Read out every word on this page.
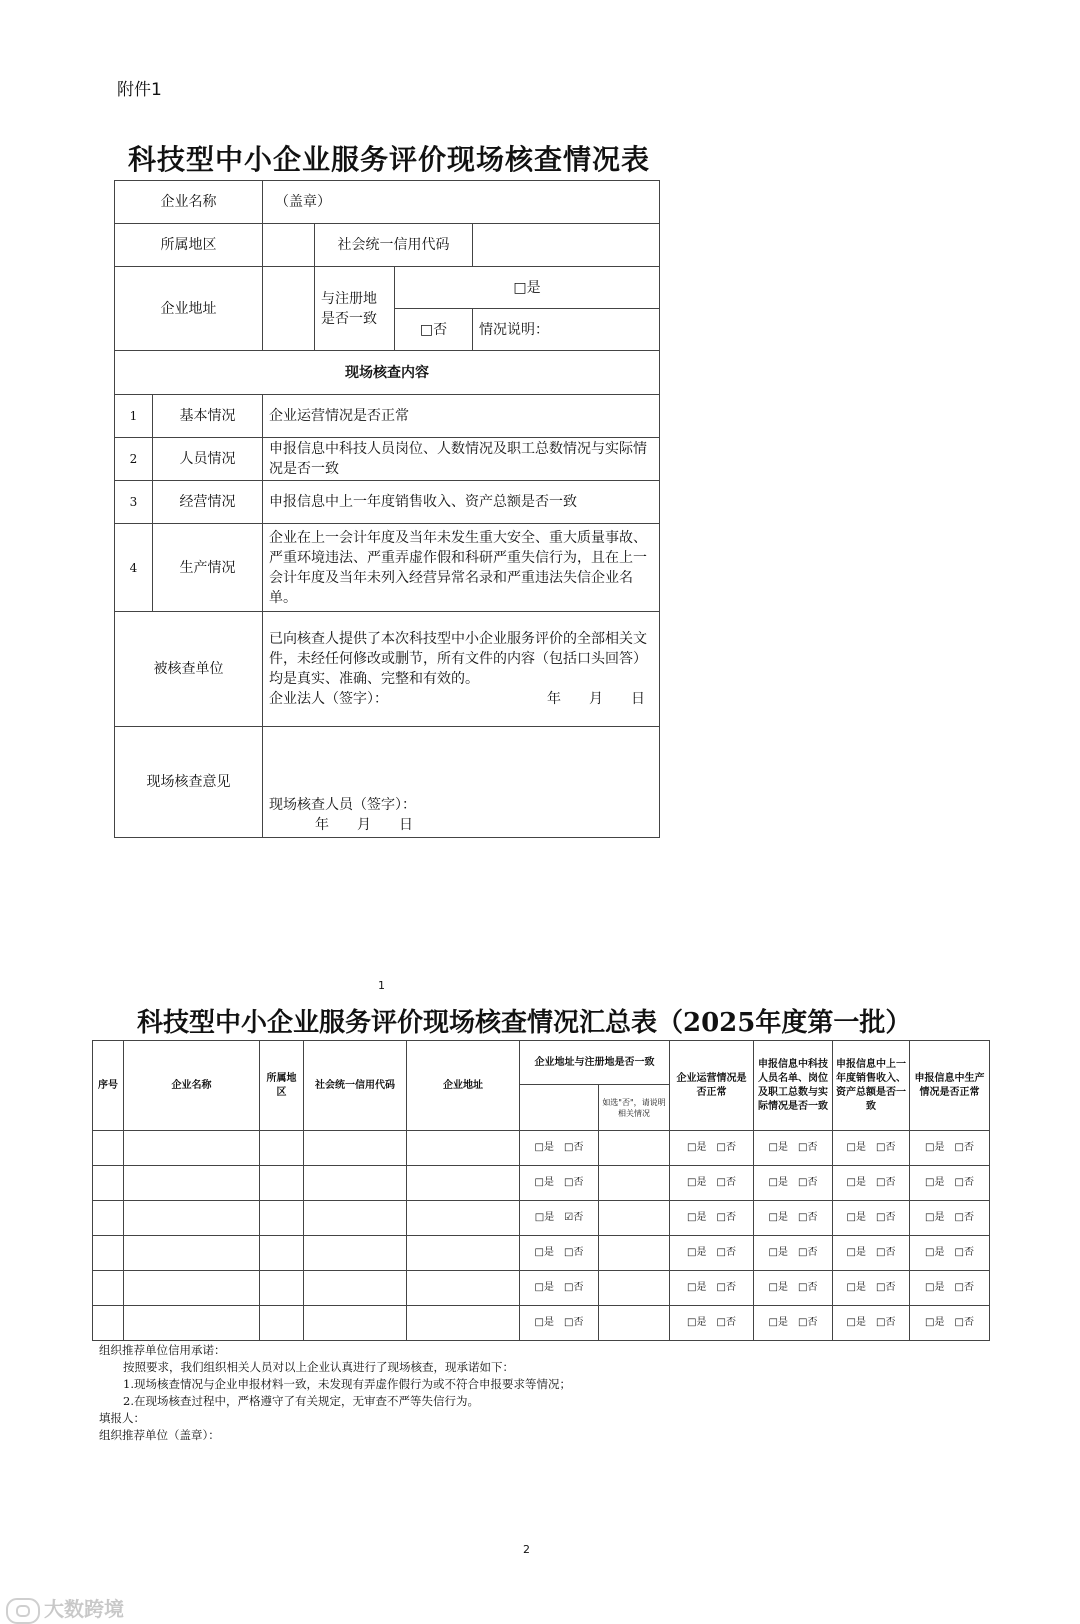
附件1
科技型中小企业服务评价现场核查情况表
企业名称		（盖章）			
所属地区			社会统一信用代码		
企业地址			与注册地是否一致	□是	
				□否	情况说明：
现场核查内容					
1	基本情况	企业运营情况是否正常			
2	人员情况	申报信息中科技人员岗位、人数情况及职工总数情况与实际情况是否一致			
3	经营情况	申报信息中上一年度销售收入、资产总额是否一致			
4	生产情况	企业在上一会计年度及当年未发生重大安全、重大质量事故、严重环境违法、严重弄虚作假和科研严重失信行为，且在上一会计年度及当年未列入经营异常名录和严重违法失信企业名单。			
被核查单位		已向核查人提供了本次科技型中小企业服务评价的全部相关文件，未经任何修改或删节，所有文件的内容（包括口头回答）均是真实、准确、完整和有效的。
企业法人（签字）： 年　　月　　日			

现场核查意见		现场核查人员（签字）：
年　　月　　日			
1
科技型中小企业服务评价现场核查情况汇总表（2025年度第一批）
序号	企业名称	所属地区	社会统一信用代码	企业地址	企业地址与注册地是否一致		企业运营情况是否正常	申报信息中科技人员名单、岗位及职工总数与实际情况是否一致	申报信息中上一年度销售收入、资产总额是否一致	申报信息中生产情况是否正常
						如选"否"，请说明相关情况				
					□是　□否		□是　□否	□是　□否	□是　□否	□是　□否
					□是　□否		□是　□否	□是　□否	□是　□否	□是　□否
					□是　☑否		□是　□否	□是　□否	□是　□否	□是　□否
					□是　□否		□是　□否	□是　□否	□是　□否	□是　□否
					□是　□否		□是　□否	□是　□否	□是　□否	□是　□否
					□是　□否		□是　□否	□是　□否	□是　□否	□是　□否
组织推荐单位信用承诺：
按照要求，我们组织相关人员对以上企业认真进行了现场核查，现承诺如下：
1.现场核查情况与企业申报材料一致，未发现有弄虚作假行为或不符合申报要求等情况；
2.在现场核查过程中，严格遵守了有关规定，无审查不严等失信行为。
填报人：
组织推荐单位（盖章）：
2
大数跨境
